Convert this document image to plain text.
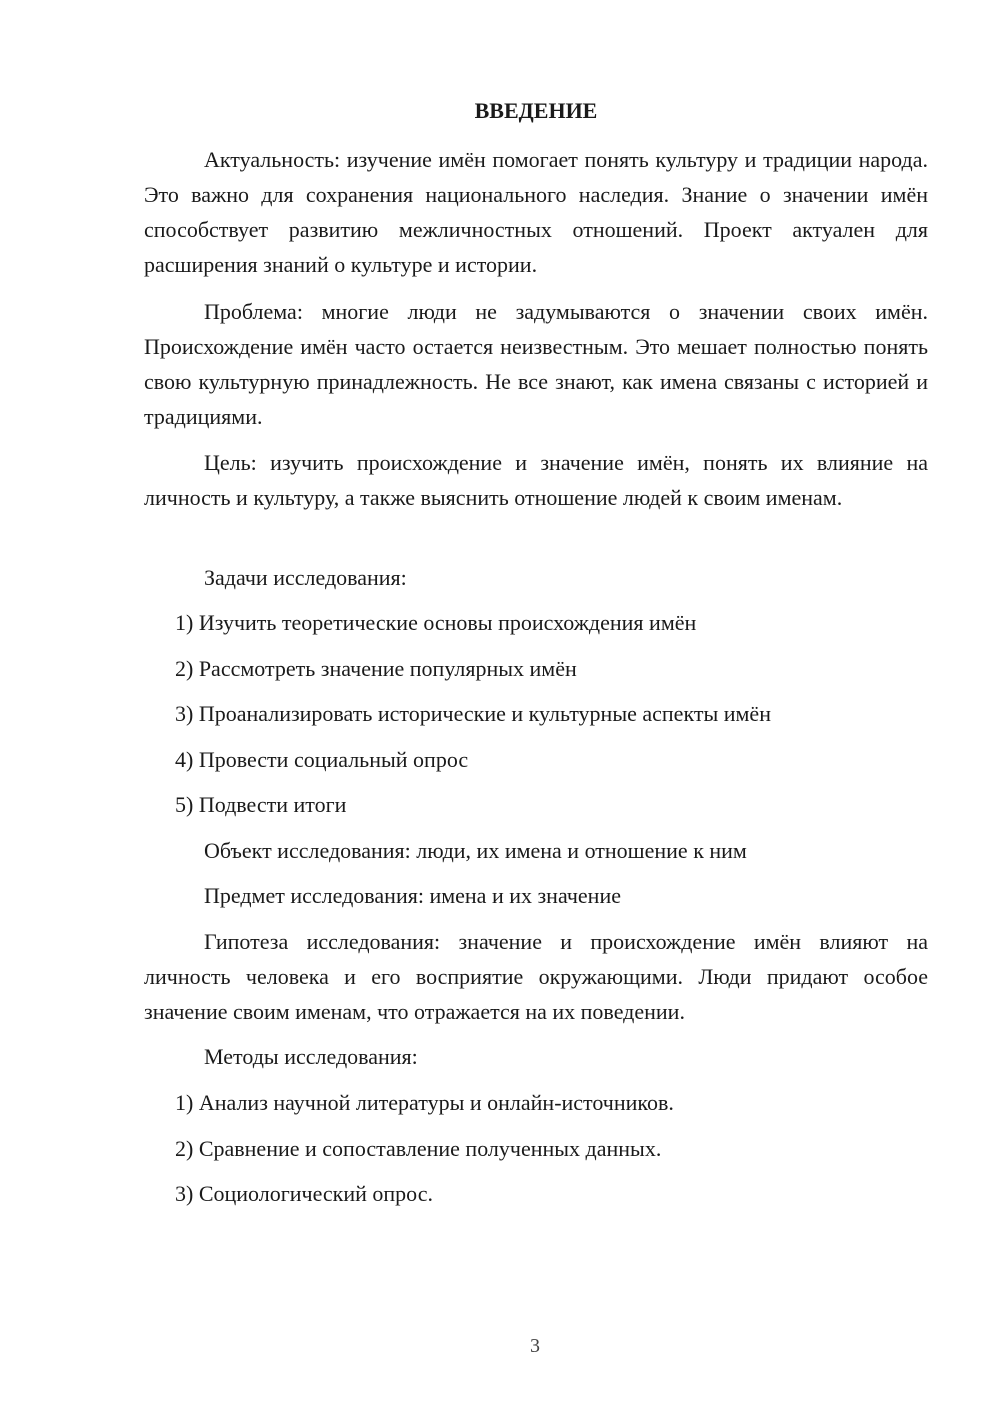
ВВЕДЕНИЕ

Актуальность: изучение имён помогает понять культуру и традиции народа. Это важно для сохранения национального наследия. Знание о значении имён способствует развитию межличностных отношений. Проект актуален для расширения знаний о культуре и истории.

Проблема: многие люди не задумываются о значении своих имён. Происхождение имён часто остается неизвестным. Это мешает полностью понять свою культурную принадлежность. Не все знают, как имена связаны с историей и традициями.

Цель: изучить происхождение и значение имён, понять их влияние на личность и культуру, а также выяснить отношение людей к своим именам.

Задачи исследования:

1) Изучить теоретические основы происхождения имён

2) Рассмотреть значение популярных имён

3) Проанализировать исторические и культурные аспекты имён

4) Провести социальный опрос

5) Подвести итоги

Объект исследования: люди, их имена и отношение к ним

Предмет исследования: имена и их значение

Гипотеза исследования: значение и происхождение имён влияют на личность человека и его восприятие окружающими. Люди придают особое значение своим именам, что отражается на их поведении.

Методы исследования:

1) Анализ научной литературы и онлайн-источников.

2) Сравнение и сопоставление полученных данных.

3) Социологический опрос.

3
